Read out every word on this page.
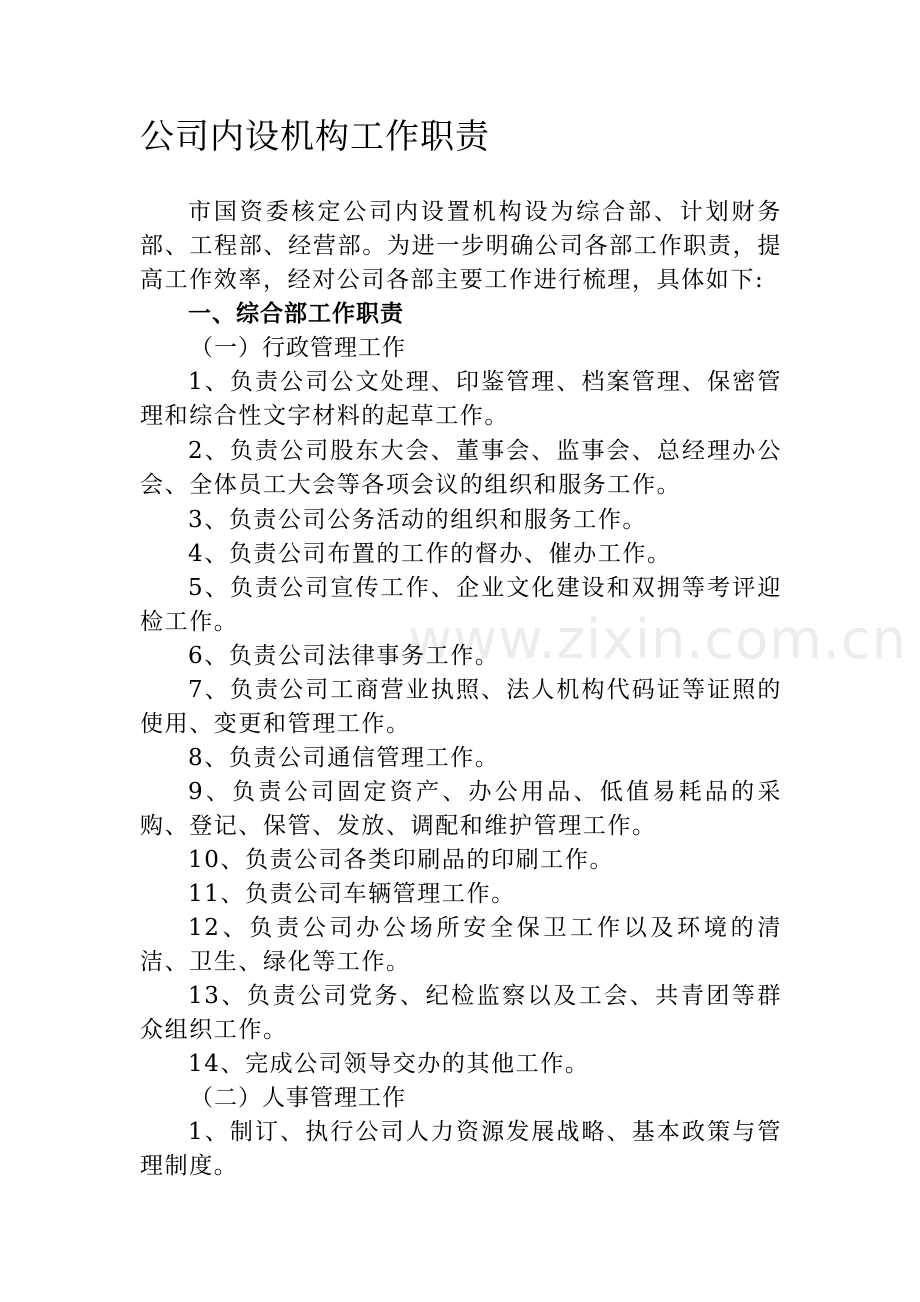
www.zixin.com.cn
公司内设机构工作职责

市国资委核定公司内设置机构设为综合部、计划财务部、工程部、经营部。为进一步明确公司各部工作职责，提高工作效率，经对公司各部主要工作进行梳理，具体如下:

一、综合部工作职责
（一）行政管理工作

1、负责公司公文处理、印鉴管理、档案管理、保密管理和综合性文字材料的起草工作。

2、负责公司股东大会、董事会、监事会、总经理办公会、全体员工大会等各项会议的组织和服务工作。

3、负责公司公务活动的组织和服务工作。

4、负责公司布置的工作的督办、催办工作。

5、负责公司宣传工作、企业文化建设和双拥等考评迎检工作。

6、负责公司法律事务工作。

7、负责公司工商营业执照、法人机构代码证等证照的使用、变更和管理工作。

8、负责公司通信管理工作。

9、负责公司固定资产、办公用品、低值易耗品的采购、登记、保管、发放、调配和维护管理工作。

10、负责公司各类印刷品的印刷工作。

11、负责公司车辆管理工作。

12、负责公司办公场所安全保卫工作以及环境的清洁、卫生、绿化等工作。

13、负责公司党务、纪检监察以及工会、共青团等群众组织工作。

14、完成公司领导交办的其他工作。

（二）人事管理工作

1、制订、执行公司人力资源发展战略、基本政策与管理制度。
